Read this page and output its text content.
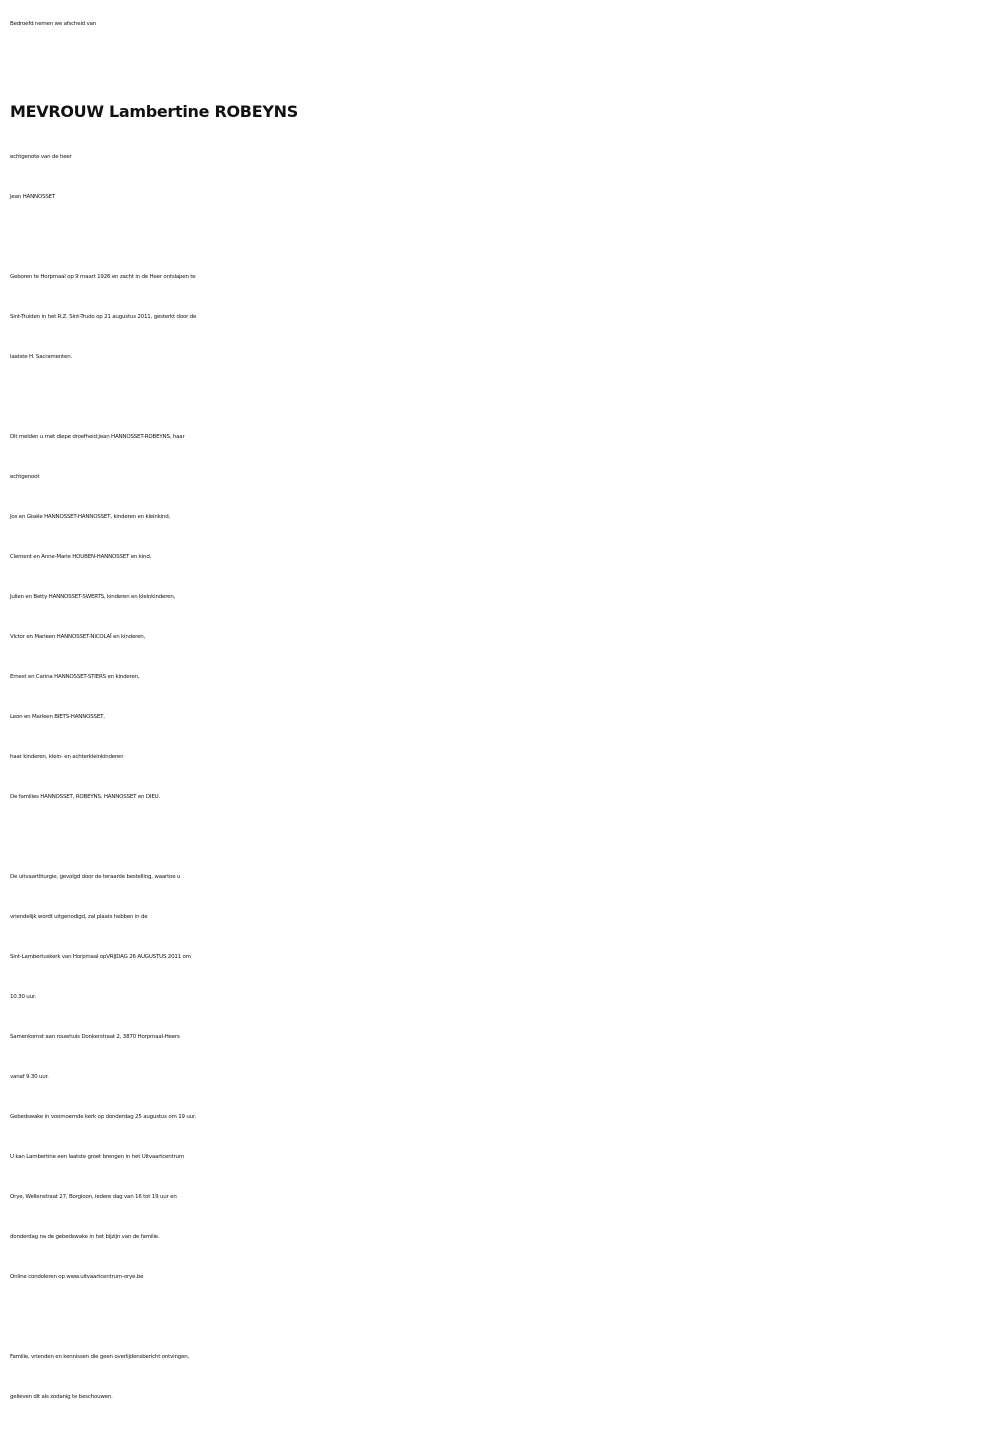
Bedroefd nemen we afscheid van
MEVROUW Lambertine ROBEYNS
echtgenote van de heer
Jean HANNOSSET
Geboren te Horpmaal op 9 maart 1926 en zacht in de Heer ontslapen te
Sint-Truiden in het R.Z. Sint-Trudo op 21 augustus 2011, gesterkt door de
laatste H. Sacramenten.
Dit melden u met diepe droefheid:Jean HANNOSSET-ROBEYNS, haar
echtgenoot
Jos en Gisèle HANNOSSET-HANNOSSET, kinderen en kleinkind,
Clement en Anne-Marie HOUBEN-HANNOSSET en kind,
Julien en Betty HANNOSSET-SWERTS, kinderen en kleinkinderen,
Victor en Marleen HANNOSSET-NICOLAÏ en kinderen,
Ernest en Carina HANNOSSET-STIERS en kinderen,
Leon en Marleen BIETS-HANNOSSET,
haar kinderen, klein- en achterkleinkinderen
De families HANNOSSET, ROBEYNS, HANNOSSET en DIEU.
De uitvaartliturgie, gevolgd door de teraarde bestelling, waartoe u
vriendelijk wordt uitgenodigd, zal plaats hebben in de
Sint-Lambertuskerk van Horpmaal opVRIJDAG 26 AUGUSTUS 2011 om
10.30 uur.
Samenkomst aan rouwhuis Donkerstraat 2, 3870 Horpmaal-Heers
vanaf 9.30 uur.
Gebedswake in voornoemde kerk op donderdag 25 augustus om 19 uur.
U kan Lambertine een laatste groet brengen in het Uitvaartcentrum
Orye, Wellenstraat 27, Borgloon, iedere dag van 16 tot 19 uur en
donderdag na de gebedswake in het bijzijn van de familie.
Online condoleren op www.uitvaartcentrum-orye.be
Familie, vrienden en kennissen die geen overlijdensbericht ontvingen,
gelieven dit als zodanig te beschouwen.
